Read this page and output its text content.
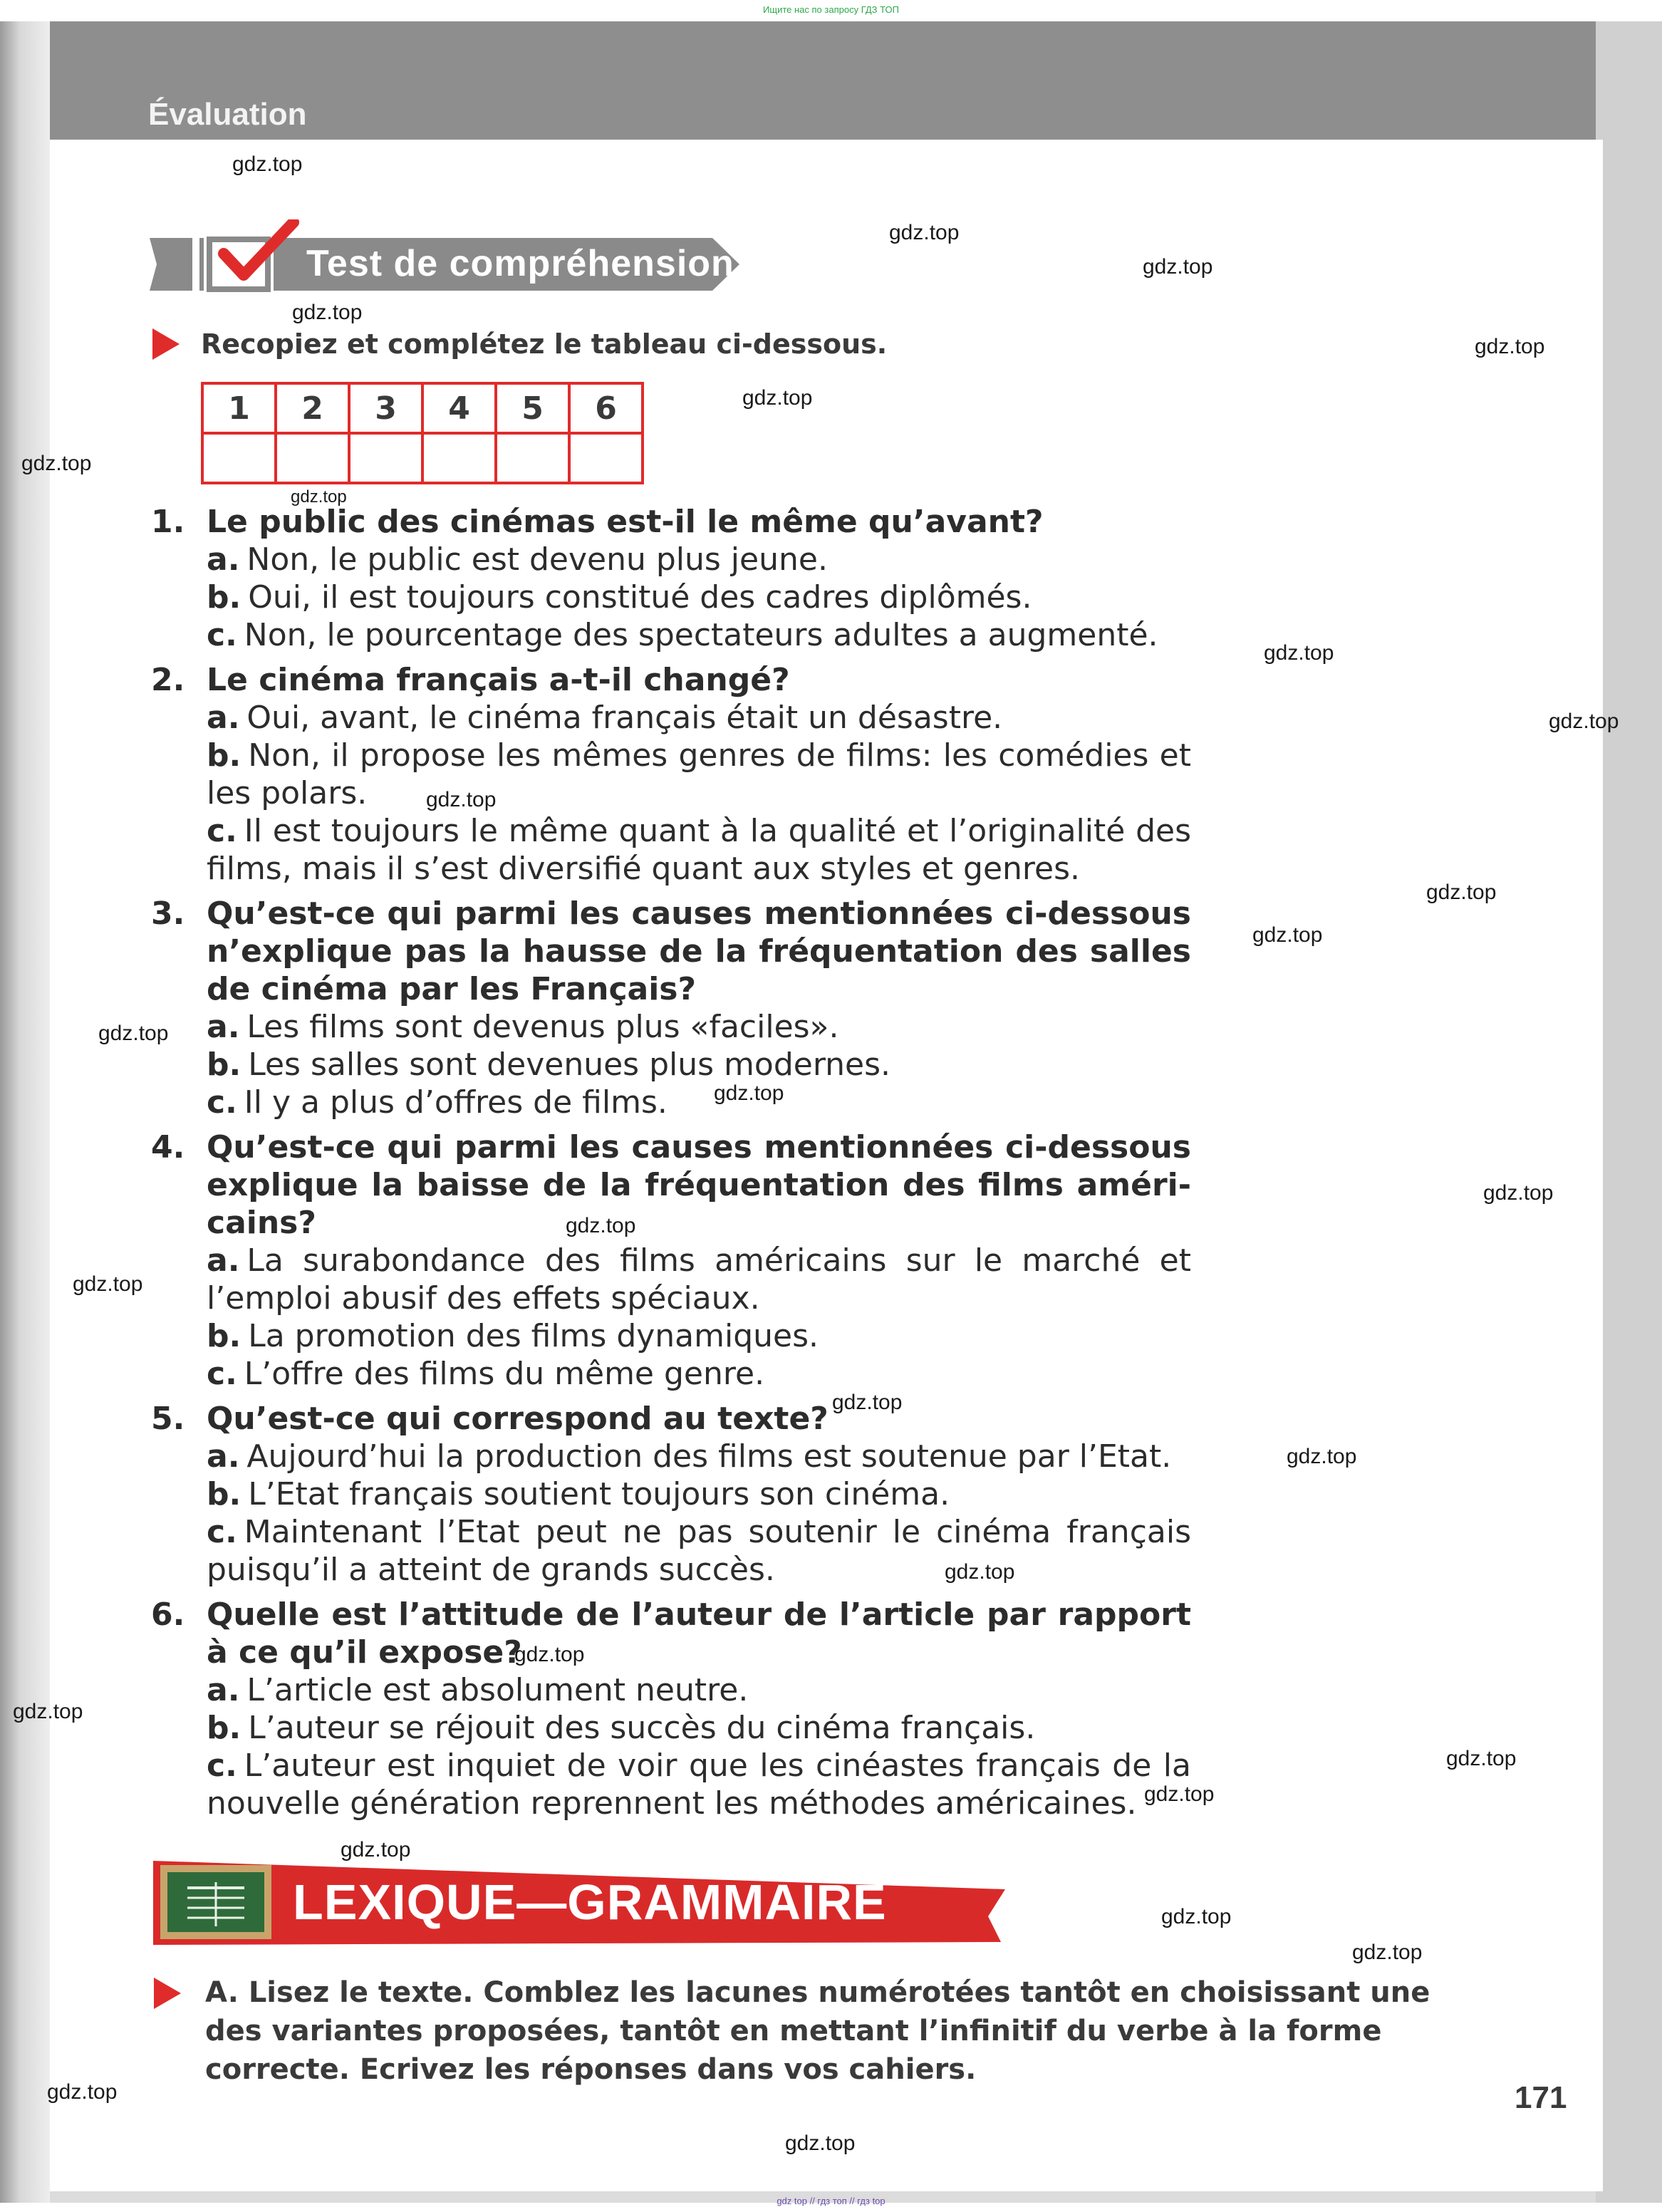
Ищите нас по запросу ГДЗ ТОП
Évaluation
Test de compréhension
Recopiez et complétez le tableau ci-dessous.
1	2	3	4	5	6

1. Le public des cinémas est-il le même qu’avant?
a. Non, le public est devenu plus jeune.
b. Oui, il est toujours constitué des cadres diplômés.
c. Non, le pourcentage des spectateurs adultes a augmenté.
2. Le cinéma français a-t-il changé?
a. Oui, avant, le cinéma français était un désastre.
b. Non, il propose les mêmes genres de films: les comédies et les polars.
c. Il est toujours le même quant à la qualité et l’originalité des films, mais il s’est diversifié quant aux styles et genres.
3. Qu’est-ce qui parmi les causes mentionnées ci-dessous n’explique pas la hausse de la fréquentation des salles de cinéma par les Français?
a. Les films sont devenus plus «faciles».
b. Les salles sont devenues plus modernes.
c. Il y a plus d’offres de films.
4. Qu’est-ce qui parmi les causes mentionnées ci-dessous explique la baisse de la fréquentation des films améri-cains?
a. La surabondance des films américains sur le marché et l’emploi abusif des effets spéciaux.
b. La promotion des films dynamiques.
c. L’offre des films du même genre.
5. Qu’est-ce qui correspond au texte?
a. Aujourd’hui la production des films est soutenue par l’Etat.
b. L’Etat français soutient toujours son cinéma.
c. Maintenant l’Etat peut ne pas soutenir le cinéma français puisqu’il a atteint de grands succès.
6. Quelle est l’attitude de l’auteur de l’article par rapport à ce qu’il expose?
a. L’article est absolument neutre.
b. L’auteur se réjouit des succès du cinéma français.
c. L’auteur est inquiet de voir que les cinéastes français de la nouvelle génération reprennent les méthodes américaines.
LEXIQUE—GRAMMAIRE
A. Lisez le texte. Comblez les lacunes numérotées tantôt en choisissant une des variantes proposées, tantôt en mettant l’infinitif du verbe à la forme correcte. Ecrivez les réponses dans vos cahiers.
171
gdz top // гдз топ // гдз top
gdz.top
gdz.top
gdz.top
gdz.top
gdz.top
gdz.top
gdz.top
gdz.top
gdz.top
gdz.top
gdz.top
gdz.top
gdz.top
gdz.top
gdz.top
gdz.top
gdz.top
gdz.top
gdz.top
gdz.top
gdz.top
gdz.top
gdz.top
gdz.top
gdz.top
gdz.top
gdz.top
gdz.top
gdz.top
gdz.top
